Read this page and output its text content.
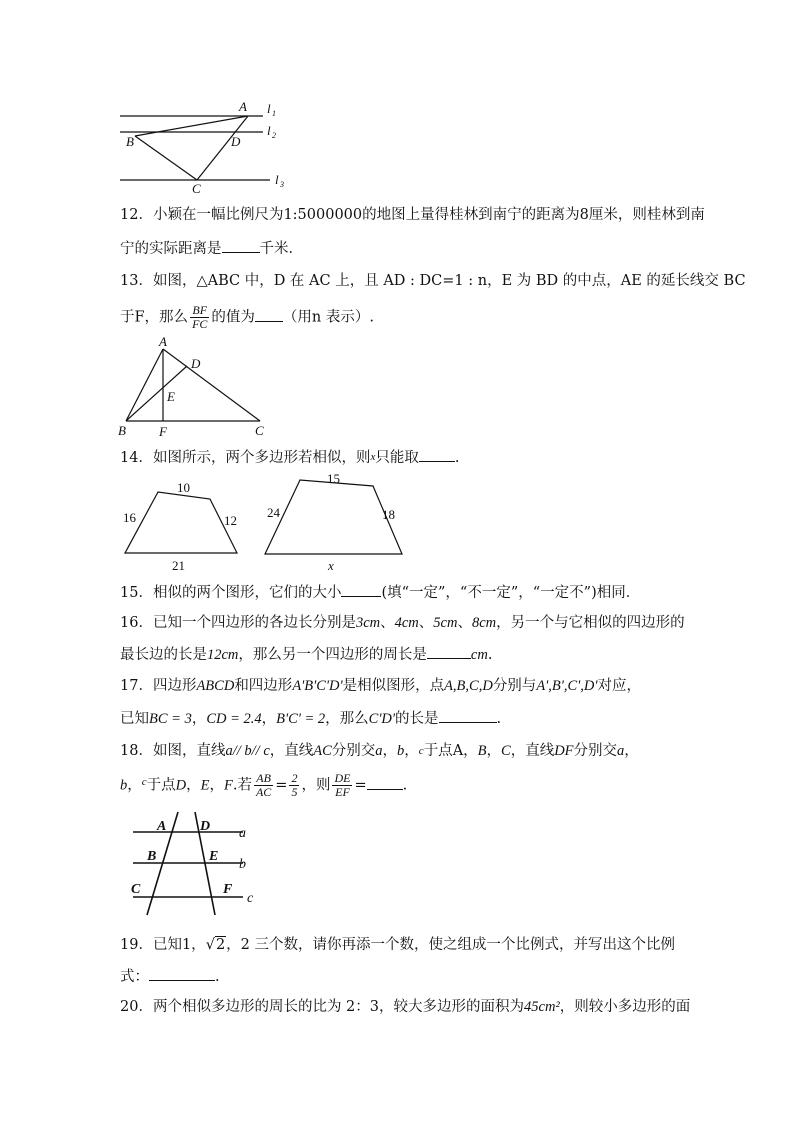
A
B	D
C
l 1
l 2
l 3
12．小颖在一幅比例尺为1:5000000的地图上量得桂林到南宁的距离为8厘米，则桂林到南
宁的实际距离是	千米．
13．如图，△ABC 中，D 在 AC 上，且 AD : DC=1 : n，E 为 BD 的中点，AE 的延长线交 BC
于F，那么 $\frac{BF}{FC}$ 的值为 （用n 表示）.
A
D
E
B	F	C
14．如图所示，两个多边形若相似，则$^x$只能取 .
10
16	12
21
15
24	18
x
15．相似的两个图形，它们的大小	(填“一定”，“不一定”，“一定不”)相同．
16．已知一个四边形的各边长分别是3cm、4cm、5cm、8cm，另一个与它相似的四边形的
最长边的长是12cm，那么另一个四边形的周长是	cm.
17．四边形ABCD和四边形A'B'C'D'是相似图形，点A,B,C,D分别与A',B',C',D'对应，
已知BC = 3，CD = 2.4，B'C' = 2，那么C'D'的长是	.
18．如图，直线a// b// c，直线AC分别交a，b，$^c$于点A，B，C，直线DF分别交a，
b，$^c$于点D，E，F.若 $\frac{AB}{AC} = \frac{2}{5}$ ，则 $\frac{DE}{EF}$ = .
A D a
B	E
b
C	F
c
19．已知1，√2，2 三个数，请你再添一个数，使之组成一个比例式，并写出这个比例
式：	.
20．两个相似多边形的周长的比为 2：3，较大多边形的面积为45cm²，则较小多边形的面
